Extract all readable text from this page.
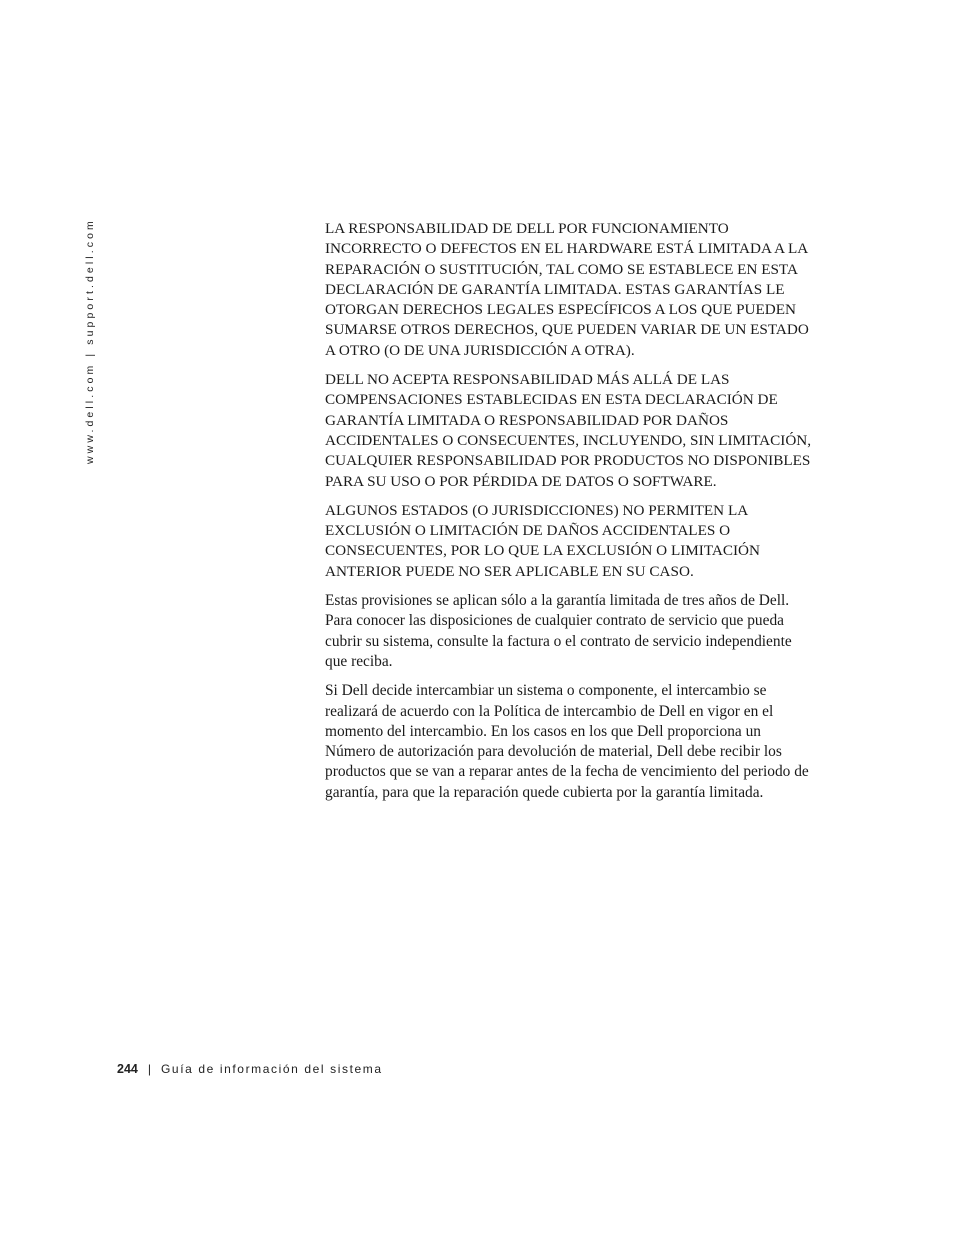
www.dell.com | support.dell.com	LA RESPONSABILIDAD DE DELL POR FUNCIONAMIENTO INCORRECTO O DEFECTOS EN EL HARDWARE ESTÁ LIMITADA A LA REPARACIÓN O SUSTITUCIÓN, TAL COMO SE ESTABLECE EN ESTA DECLARACIÓN DE GARANTÍA LIMITADA. ESTAS GARANTÍAS LE OTORGAN DERECHOS LEGALES ESPECÍFICOS A LOS QUE PUEDEN SUMARSE OTROS DERECHOS, QUE PUEDEN VARIAR DE UN ESTADO A OTRO (O DE UNA JURISDICCIÓN A OTRA).

DELL NO ACEPTA RESPONSABILIDAD MÁS ALLÁ DE LAS COMPENSACIONES ESTABLECIDAS EN ESTA DECLARACIÓN DE GARANTÍA LIMITADA O RESPONSABILIDAD POR DAÑOS ACCIDENTALES O CONSECUENTES, INCLUYENDO, SIN LIMITACIÓN, CUALQUIER RESPONSABILIDAD POR PRODUCTOS NO DISPONIBLES PARA SU USO O POR PÉRDIDA DE DATOS O SOFTWARE.

ALGUNOS ESTADOS (O JURISDICCIONES) NO PERMITEN LA EXCLUSIÓN O LIMITACIÓN DE DAÑOS ACCIDENTALES O CONSECUENTES, POR LO QUE LA EXCLUSIÓN O LIMITACIÓN ANTERIOR PUEDE NO SER APLICABLE EN SU CASO.

Estas provisiones se aplican sólo a la garantía limitada de tres años de Dell. Para conocer las disposiciones de cualquier contrato de servicio que pueda cubrir su sistema, consulte la factura o el contrato de servicio independiente que reciba.

Si Dell decide intercambiar un sistema o componente, el intercambio se realizará de acuerdo con la Política de intercambio de Dell en vigor en el momento del intercambio. En los casos en los que Dell proporciona un Número de autorización para devolución de material, Dell debe recibir los productos que se van a reparar antes de la fecha de vencimiento del periodo de garantía, para que la reparación quede cubierta por la garantía limitada.

244 | Guía de información del sistema
